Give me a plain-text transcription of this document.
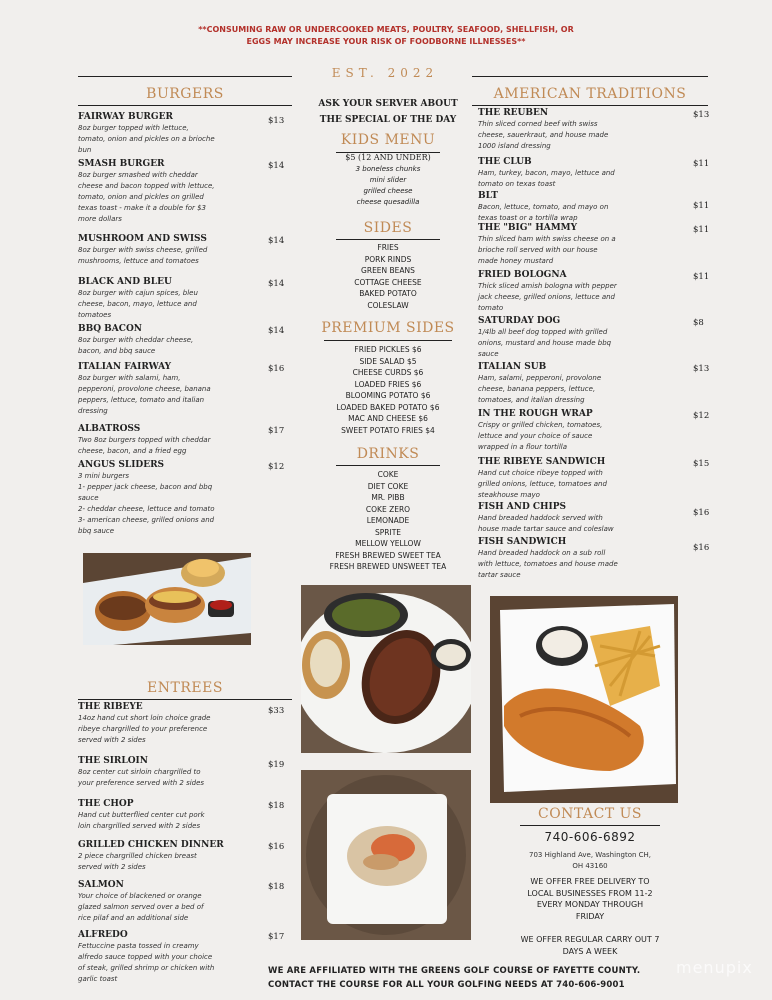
**CONSUMING RAW OR UNDERCOOKED MEATS, POULTRY, SEAFOOD, SHELLFISH, OR
EGGS MAY INCREASE YOUR RISK OF FOODBORNE ILLNESSES**
EST. 2022
ASK YOUR SERVER ABOUT
THE SPECIAL OF THE DAY
BURGERS
FAIRWAY BURGER
8oz burger topped with lettuce,
tomato, onion and pickles on a brioche
bun
$13
SMASH BURGER
8oz burger smashed with cheddar
cheese and bacon topped with lettuce,
tomato, onion and pickles on grilled
texas toast - make it a double for $3
more dollars
$14
MUSHROOM AND SWISS
8oz burger with swiss cheese, grilled
mushrooms, lettuce and tomatoes
$14
BLACK AND BLEU
8oz burger with cajun spices, bleu
cheese, bacon, mayo, lettuce and
tomatoes
$14
BBQ BACON
8oz burger with cheddar cheese,
bacon, and bbq sauce
$14
ITALIAN FAIRWAY
8oz burger with salami, ham,
pepperoni, provolone cheese, banana
peppers, lettuce, tomato and italian
dressing
$16
ALBATROSS
Two 8oz burgers topped with cheddar
cheese, bacon, and a fried egg
$17
ANGUS SLIDERS
3 mini burgers
1- pepper jack cheese, bacon and bbq
sauce
2- cheddar cheese, lettuce and tomato
3- american cheese, grilled onions and
bbq sauce
$12
KIDS MENU
$5 (12 AND UNDER)
3 boneless chunks
mini slider
grilled cheese
cheese quesadilla
SIDES
FRIES
PORK RINDS
GREEN BEANS
COTTAGE CHEESE
BAKED POTATO
COLESLAW
PREMIUM SIDES
FRIED PICKLES $6
SIDE SALAD $5
CHEESE CURDS $6
LOADED FRIES $6
BLOOMING POTATO $6
LOADED BAKED POTATO $6
MAC AND CHEESE $6
SWEET POTATO FRIES $4
DRINKS
COKE
DIET COKE
MR. PIBB
COKE ZERO
LEMONADE
SPRITE
MELLOW YELLOW
FRESH BREWED SWEET TEA
FRESH BREWED UNSWEET TEA
AMERICAN TRADITIONS
THE REUBEN
Thin sliced corned beef with swiss
cheese, sauerkraut, and house made
1000 island dressing
$13
THE CLUB
Ham, turkey, bacon, mayo, lettuce and
tomato on texas toast
$11
BLT
Bacon, lettuce, tomato, and mayo on
texas toast or a tortilla wrap
$11
THE "BIG" HAMMY
Thin sliced ham with swiss cheese on a
brioche roll served with our house
made honey mustard
$11
FRIED BOLOGNA
Thick sliced amish bologna with pepper
jack cheese, grilled onions, lettuce and
tomato
$11
SATURDAY DOG
1/4lb all beef dog topped with grilled
onions, mustard and house made bbq
sauce
$8
ITALIAN SUB
Ham, salami, pepperoni, provolone
cheese, banana peppers, lettuce,
tomatoes, and italian dressing
$13
IN THE ROUGH WRAP
Crispy or grilled chicken, tomatoes,
lettuce and your choice of sauce
wrapped in a flour tortilla
$12
THE RIBEYE SANDWICH
Hand cut choice ribeye topped with
grilled onions, lettuce, tomatoes and
steakhouse mayo
$15
FISH AND CHIPS
Hand breaded haddock served with
house made tartar sauce and coleslaw
$16
FISH SANDWICH
Hand breaded haddock on a sub roll
with lettuce, tomatoes and house made
tartar sauce
$16
ENTREES
THE RIBEYE
14oz hand cut short loin choice grade
ribeye chargrilled to your preference
served with 2 sides
$33
THE SIRLOIN
8oz center cut sirloin chargrilled to
your preference served with 2 sides
$19
THE CHOP
Hand cut butterflied center cut pork
loin chargrilled served with 2 sides
$18
GRILLED CHICKEN DINNER
2 piece chargrilled chicken breast
served with 2 sides
$16
SALMON
Your choice of blackened or orange
glazed salmon served over a bed of
rice pilaf and an additional side
$18
ALFREDO
Fettuccine pasta tossed in creamy
alfredo sauce topped with your choice
of steak, grilled shrimp or chicken with
garlic toast
$17
CONTACT US
740-606-6892
703 Highland Ave, Washington CH,
OH 43160
WE OFFER FREE DELIVERY TO
LOCAL BUSINESSES FROM 11-2
EVERY MONDAY THROUGH
FRIDAY
WE OFFER REGULAR CARRY OUT 7
DAYS A WEEK
WE ARE AFFILIATED WITH THE GREENS GOLF COURSE OF FAYETTE COUNTY.
CONTACT THE COURSE FOR ALL YOUR GOLFING NEEDS AT 740-606-9001
menupix
